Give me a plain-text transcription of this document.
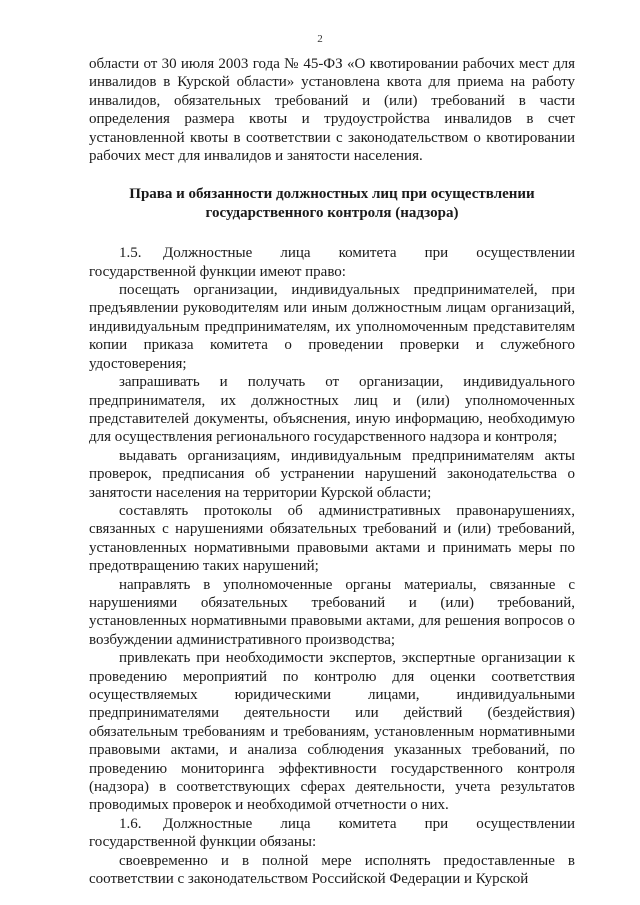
2

области от 30 июля 2003 года № 45-ФЗ «О квотировании рабочих мест для инвалидов в Курской области» установлена квота для приема на работу инвалидов, обязательных требований и (или) требований в части определения размера квоты и трудоустройства инвалидов в счет установленной квоты в соответствии с законодательством о квотировании рабочих мест для инвалидов и занятости населения.

Права и обязанности должностных лиц при осуществлении государственного контроля (надзора)

1.5. Должностные лица комитета при осуществлении государственной функции имеют право:

посещать организации, индивидуальных предпринимателей, при предъявлении руководителям или иным должностным лицам организаций, индивидуальным предпринимателям, их уполномоченным представителям копии приказа комитета о проведении проверки и служебного удостоверения;

запрашивать и получать от организации, индивидуального предпринимателя, их должностных лиц и (или) уполномоченных представителей документы, объяснения, иную информацию, необходимую для осуществления регионального государственного надзора и контроля;

выдавать организациям, индивидуальным предпринимателям акты проверок, предписания об устранении нарушений законодательства о занятости населения на территории Курской области;

составлять протоколы об административных правонарушениях, связанных с нарушениями обязательных требований и (или) требований, установленных нормативными правовыми актами и принимать меры по предотвращению таких нарушений;

направлять в уполномоченные органы материалы, связанные с нарушениями обязательных требований и (или) требований, установленных нормативными правовыми актами, для решения вопросов о возбуждении административного производства;

привлекать при необходимости экспертов, экспертные организации к проведению мероприятий по контролю для оценки соответствия осуществляемых юридическими лицами, индивидуальными предпринимателями деятельности или действий (бездействия) обязательным требованиям и требованиям, установленным нормативными правовыми актами, и анализа соблюдения указанных требований, по проведению мониторинга эффективности государственного контроля (надзора) в соответствующих сферах деятельности, учета результатов проводимых проверок и необходимой отчетности о них.

1.6. Должностные лица комитета при осуществлении государственной функции обязаны:

своевременно и в полной мере исполнять предоставленные в соответствии с законодательством Российской Федерации и Курской
